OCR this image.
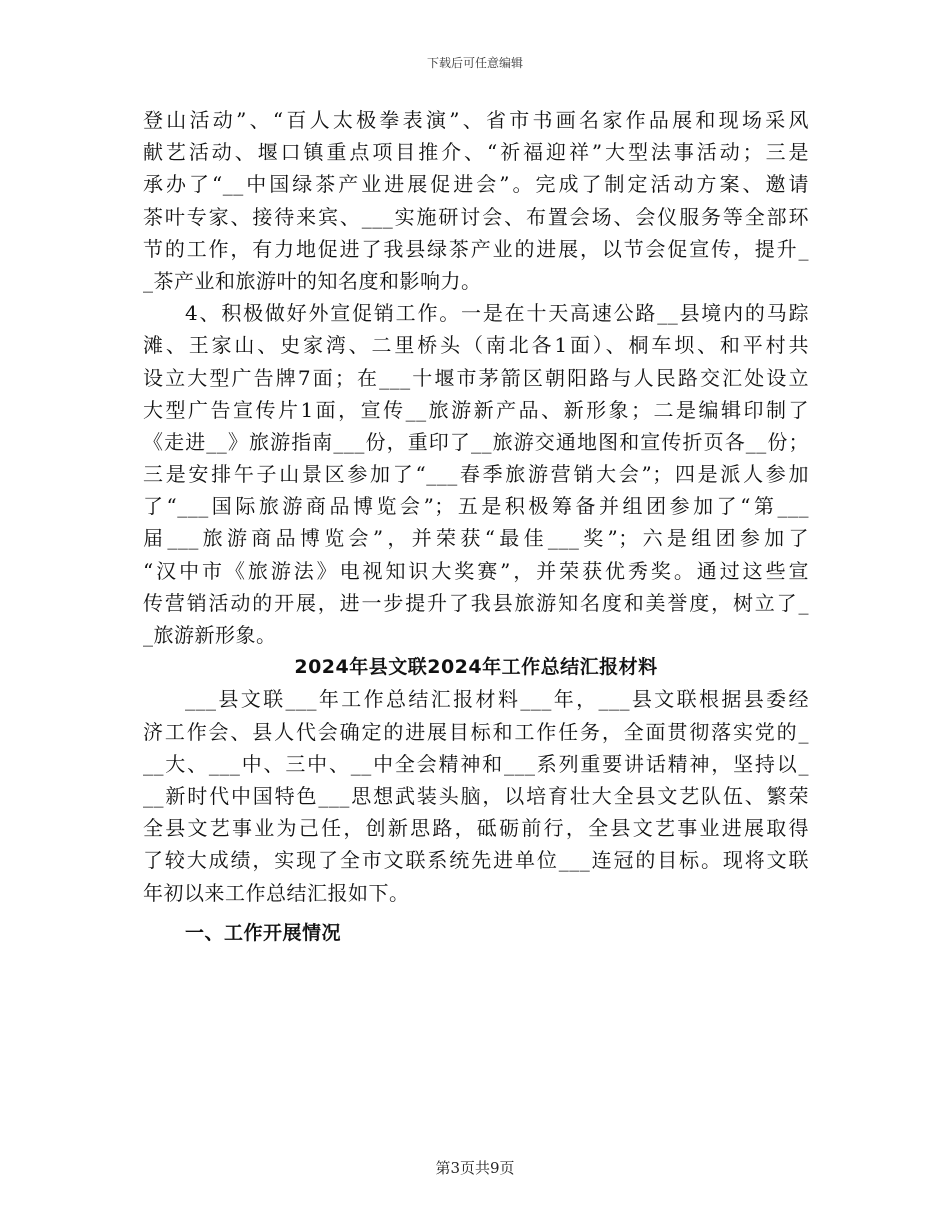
下载后可任意编辑
登山活动”、“百人太极拳表演”、省市书画名家作品展和现场采风
献艺活动、堰口镇重点项目推介、“祈福迎祥”大型法事活动；三是
承办了“__中国绿茶产业进展促进会”。完成了制定活动方案、邀请
茶叶专家、接待来宾、___实施研讨会、布置会场、会仪服务等全部环
节的工作，有力地促进了我县绿茶产业的进展，以节会促宣传，提升_
_茶产业和旅游叶的知名度和影响力。
4、积极做好外宣促销工作。一是在十天高速公路__县境内的马踪
滩、王家山、史家湾、二里桥头（南北各1面）、桐车坝、和平村共
设立大型广告牌7面；在___十堰市茅箭区朝阳路与人民路交汇处设立
大型广告宣传片1面，宣传__旅游新产品、新形象；二是编辑印制了
《走进__》旅游指南___份，重印了__旅游交通地图和宣传折页各__份；
三是安排午子山景区参加了“___春季旅游营销大会”；四是派人参加
了“___国际旅游商品博览会”；五是积极筹备并组团参加了“第___
届___旅游商品博览会”，并荣获“最佳___奖”；六是组团参加了
“汉中市《旅游法》电视知识大奖赛”，并荣获优秀奖。通过这些宣
传营销活动的开展，进一步提升了我县旅游知名度和美誉度，树立了_
_旅游新形象。
2024年县文联2024年工作总结汇报材料
___县文联___年工作总结汇报材料___年，___县文联根据县委经
济工作会、县人代会确定的进展目标和工作任务，全面贯彻落实党的_
__大、___中、三中、__中全会精神和___系列重要讲话精神，坚持以_
__新时代中国特色___思想武装头脑，以培育壮大全县文艺队伍、繁荣
全县文艺事业为己任，创新思路，砥砺前行，全县文艺事业进展取得
了较大成绩，实现了全市文联系统先进单位___连冠的目标。现将文联
年初以来工作总结汇报如下。
一、工作开展情况
第3页共9页
